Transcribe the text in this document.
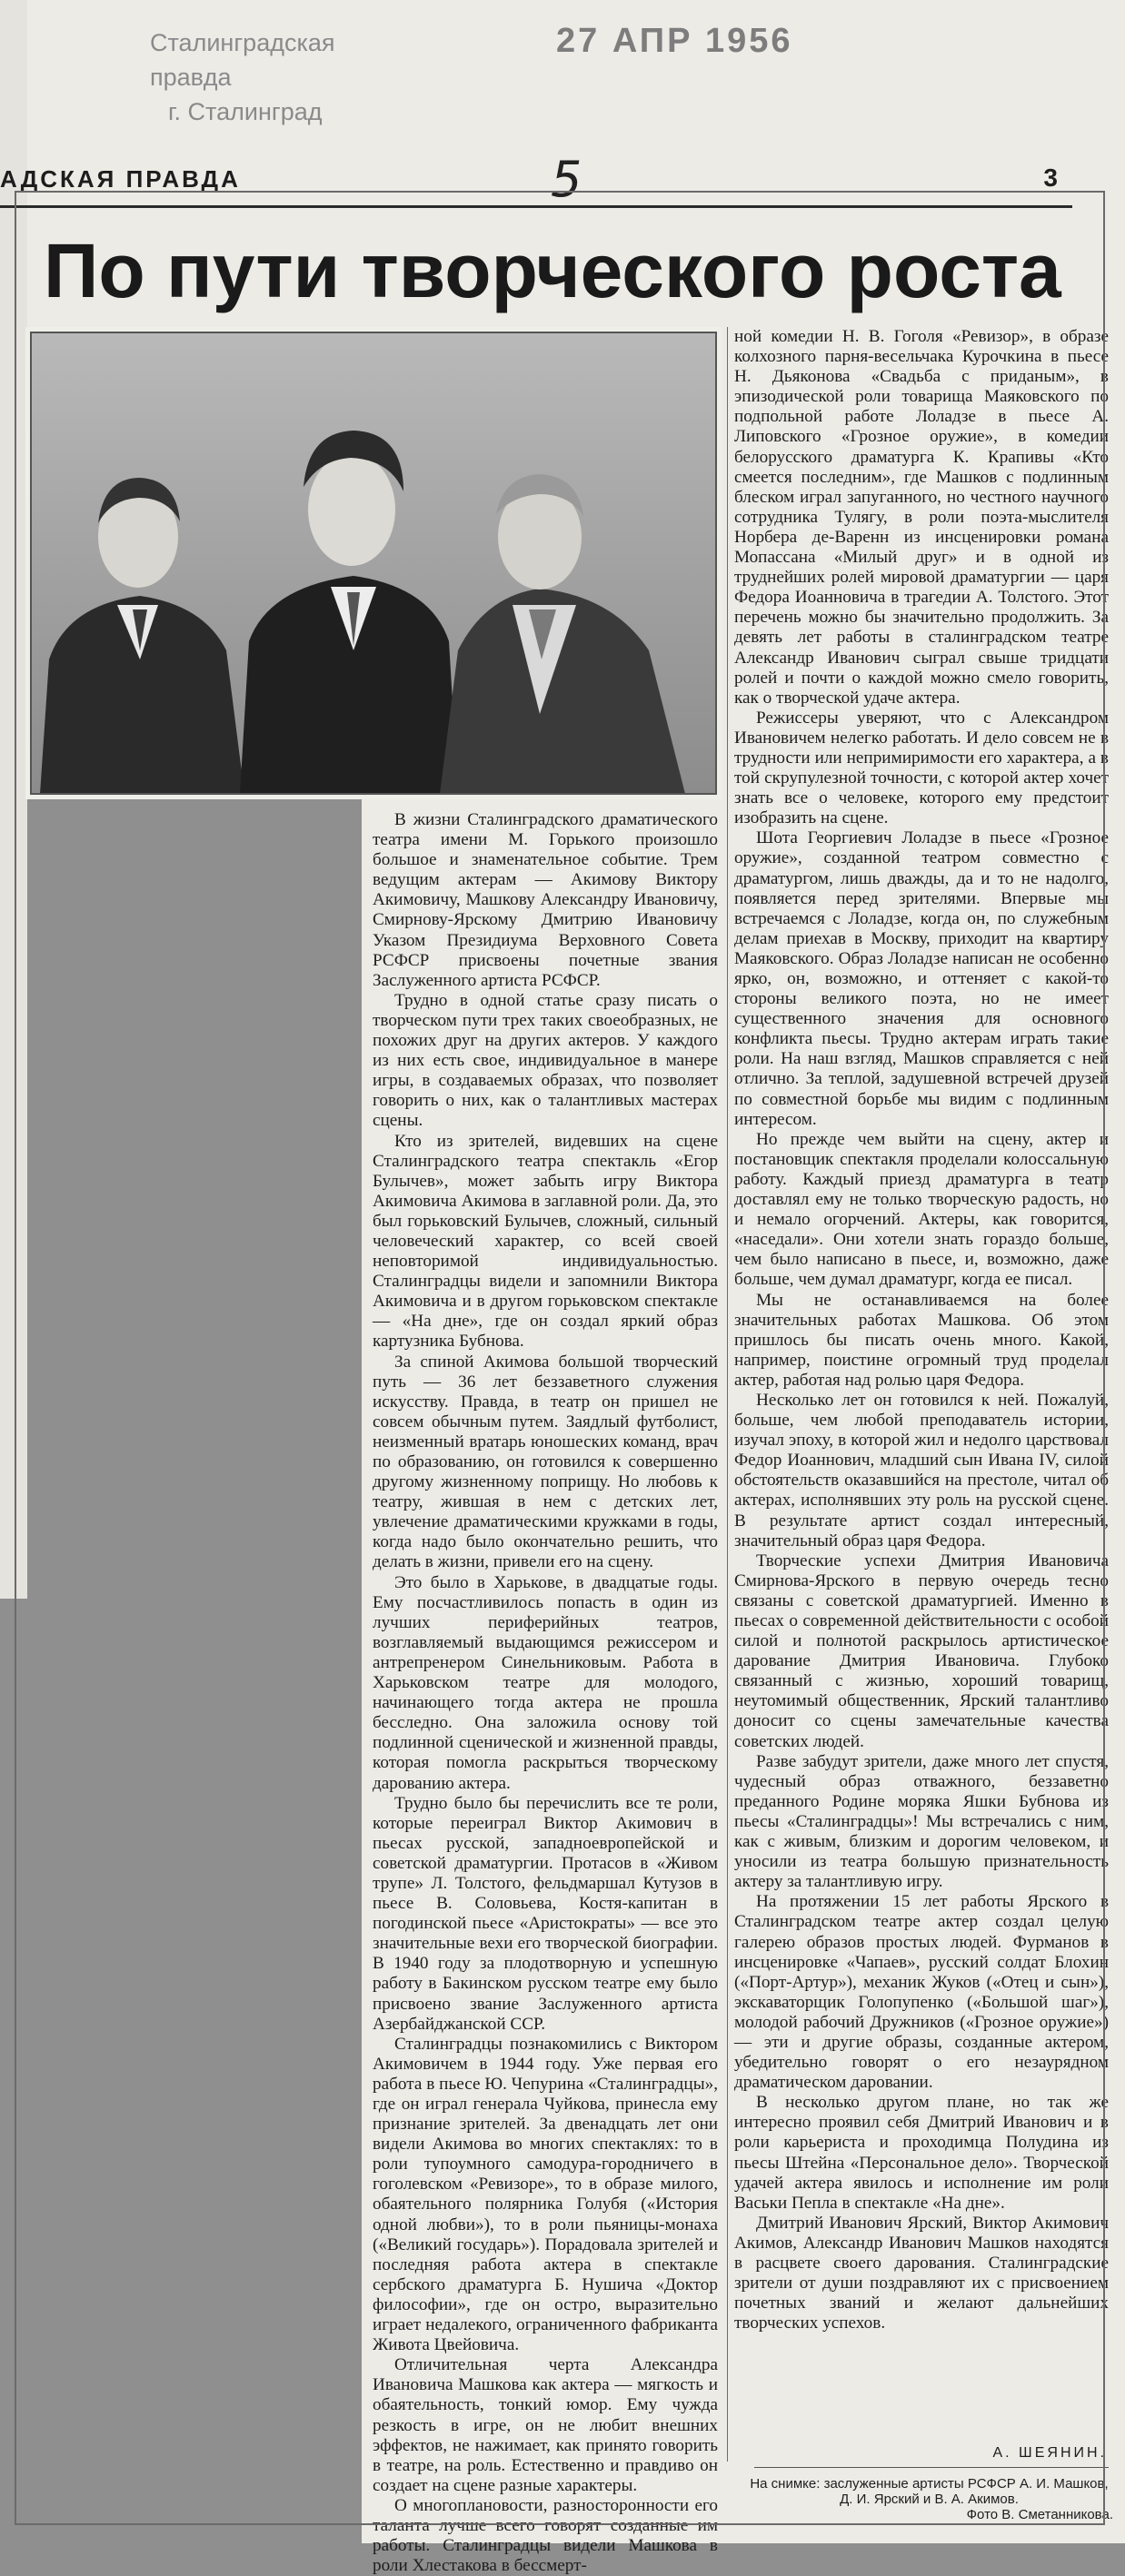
Сталинградская правда
г. Сталинград
27 АПР 1956
АДСКАЯ ПРАВДА	5	3
По пути творческого роста

В жизни Сталинградского драматического театра имени М. Горького произошло большое и знаменательное событие. Трем ведущим актерам — Акимову Виктору Акимовичу, Машкову Александру Ивановичу, Смирнову-Ярскому Дмитрию Ивановичу Указом Президиума Верховного Совета РСФСР присвоены почетные звания Заслуженного артиста РСФСР.

Трудно в одной статье сразу писать о творческом пути трех таких своеобразных, не похожих друг на других актеров. У каждого из них есть свое, индивидуальное в манере игры, в создаваемых образах, что позволяет говорить о них, как о талантливых мастерах сцены.

Кто из зрителей, видевших на сцене Сталинградского театра спектакль «Егор Булычев», может забыть игру Виктора Акимовича Акимова в заглавной роли. Да, это был горьковский Булычев, сложный, сильный человеческий характер, со всей своей неповторимой индивидуальностью. Сталинградцы видели и запомнили Виктора Акимовича и в другом горьковском спектакле — «На дне», где он создал яркий образ картузника Бубнова.

За спиной Акимова большой творческий путь — 36 лет беззаветного служения искусству. Правда, в театр он пришел не совсем обычным путем. Заядлый футболист, неизменный вратарь юношеских команд, врач по образованию, он готовился к совершенно другому жизненному поприщу. Но любовь к театру, жившая в нем с детских лет, увлечение драматическими кружками в годы, когда надо было окончательно решить, что делать в жизни, привели его на сцену.

Это было в Харькове, в двадцатые годы. Ему посчастливилось попасть в один из лучших периферийных театров, возглавляемый выдающимся режиссером и антрепренером Синельниковым. Работа в Харьковском театре для молодого, начинающего тогда актера не прошла бесследно. Она заложила основу той подлинной сценической и жизненной правды, которая помогла раскрыться творческому дарованию актера.

Трудно было бы перечислить все те роли, которые переиграл Виктор Акимович в пьесах русской, западноевропейской и советской драматургии. Протасов в «Живом трупе» Л. Толстого, фельдмаршал Кутузов в пьесе В. Соловьева, Костя-капитан в погодинской пьесе «Аристократы» — все это значительные вехи его творческой биографии. В 1940 году за плодотворную и успешную работу в Бакинском русском театре ему было присвоено звание Заслуженного артиста Азербайджанской ССР.

Сталинградцы познакомились с Виктором Акимовичем в 1944 году. Уже первая его работа в пьесе Ю. Чепурина «Сталинградцы», где он играл генерала Чуйкова, принесла ему признание зрителей. За двенадцать лет они видели Акимова во многих спектаклях: то в роли тупоумного самодура-городничего в гоголевском «Ревизоре», то в образе милого, обаятельного полярника Голубя («История одной любви»), то в роли пьяницы-монаха («Великий государь»). Порадовала зрителей и последняя работа актера в спектакле сербского драматурга Б. Нушича «Доктор философии», где он остро, выразительно играет недалекого, ограниченного фабриканта Живота Цвейовича.

Отличительная черта Александра Ивановича Машкова как актера — мягкость и обаятельность, тонкий юмор. Ему чужда резкость в игре, он не любит внешних эффектов, не нажимает, как принято говорить в театре, на роль. Естественно и правдиво он создает на сцене разные характеры.

О многоплановости, разносторонности его таланта лучше всего говорят созданные им работы. Сталинградцы видели Машкова в роли Хлестакова в бессмерт-

ной комедии Н. В. Гоголя «Ревизор», в образе колхозного парня-весельчака Курочкина в пьесе Н. Дьяконова «Свадьба с приданым», в эпизодической роли товарища Маяковского по подпольной работе Лоладзе в пьесе А. Липовского «Грозное оружие», в комедии белорусского драматурга К. Крапивы «Кто смеется последним», где Машков с подлинным блеском играл запуганного, но честного научного сотрудника Тулягу, в роли поэта-мыслителя Норбера де-Варенн из инсценировки романа Мопассана «Милый друг» и в одной из труднейших ролей мировой драматургии — царя Федора Иоанновича в трагедии А. Толстого. Этот перечень можно бы значительно продолжить. За девять лет работы в сталинградском театре Александр Иванович сыграл свыше тридцати ролей и почти о каждой можно смело говорить, как о творческой удаче актера.

Режиссеры уверяют, что с Александром Ивановичем нелегко работать. И дело совсем не в трудности или непримиримости его характера, а в той скрупулезной точности, с которой актер хочет знать все о человеке, которого ему предстоит изобразить на сцене.

Шота Георгиевич Лоладзе в пьесе «Грозное оружие», созданной театром совместно с драматургом, лишь дважды, да и то не надолго, появляется перед зрителями. Впервые мы встречаемся с Лоладзе, когда он, по служебным делам приехав в Москву, приходит на квартиру Маяковского. Образ Лоладзе написан не особенно ярко, он, возможно, и оттеняет с какой-то стороны великого поэта, но не имеет существенного значения для основного конфликта пьесы. Трудно актерам играть такие роли. На наш взгляд, Машков справляется с ней отлично. За теплой, задушевной встречей друзей по совместной борьбе мы видим с подлинным интересом.

Но прежде чем выйти на сцену, актер и постановщик спектакля проделали колоссальную работу. Каждый приезд драматурга в театр доставлял ему не только творческую радость, но и немало огорчений. Актеры, как говорится, «наседали». Они хотели знать гораздо больше, чем было написано в пьесе, и, возможно, даже больше, чем думал драматург, когда ее писал.

Мы не останавливаемся на более значительных работах Машкова. Об этом пришлось бы писать очень много. Какой, например, поистине огромный труд проделал актер, работая над ролью царя Федора.

Несколько лет он готовился к ней. Пожалуй, больше, чем любой преподаватель истории, изучал эпоху, в которой жил и недолго царствовал Федор Иоаннович, младший сын Ивана IV, силой обстоятельств оказавшийся на престоле, читал об актерах, исполнявших эту роль на русской сцене. В результате артист создал интересный, значительный образ царя Федора.

Творческие успехи Дмитрия Ивановича Смирнова-Ярского в первую очередь тесно связаны с советской драматургией. Именно в пьесах о современной действительности с особой силой и полнотой раскрылось артистическое дарование Дмитрия Ивановича. Глубоко связанный с жизнью, хороший товарищ, неутомимый общественник, Ярский талантливо доносит со сцены замечательные качества советских людей.

Разве забудут зрители, даже много лет спустя, чудесный образ отважного, беззаветно преданного Родине моряка Яшки Бубнова из пьесы «Сталинградцы»! Мы встречались с ним, как с живым, близким и дорогим человеком, и уносили из театра большую признательность актеру за талантливую игру.

На протяжении 15 лет работы Ярского в Сталинградском театре актер создал целую галерею образов простых людей. Фурманов в инсценировке «Чапаев», русский солдат Блохин («Порт-Артур»), механик Жуков («Отец и сын»), экскаваторщик Голопупенко («Большой шаг»), молодой рабочий Дружников («Грозное оружие») — эти и другие образы, созданные актером, убедительно говорят о его незаурядном драматическом даровании.

В несколько другом плане, но так же интересно проявил себя Дмитрий Иванович и в роли карьериста и проходимца Полудина из пьесы Штейна «Персональное дело». Творческой удачей актера явилось и исполнение им роли Васьки Пепла в спектакле «На дне».

Дмитрий Иванович Ярский, Виктор Акимович Акимов, Александр Иванович Машков находятся в расцвете своего дарования. Сталинградские зрители от души поздравляют их с присвоением почетных званий и желают дальнейших творческих успехов.

А. ШЕЯНИН.
На снимке: заслуженные артисты РСФСР А. И. Машков, Д. И. Ярский и В. А. Акимов.
Фото В. Сметанникова.
